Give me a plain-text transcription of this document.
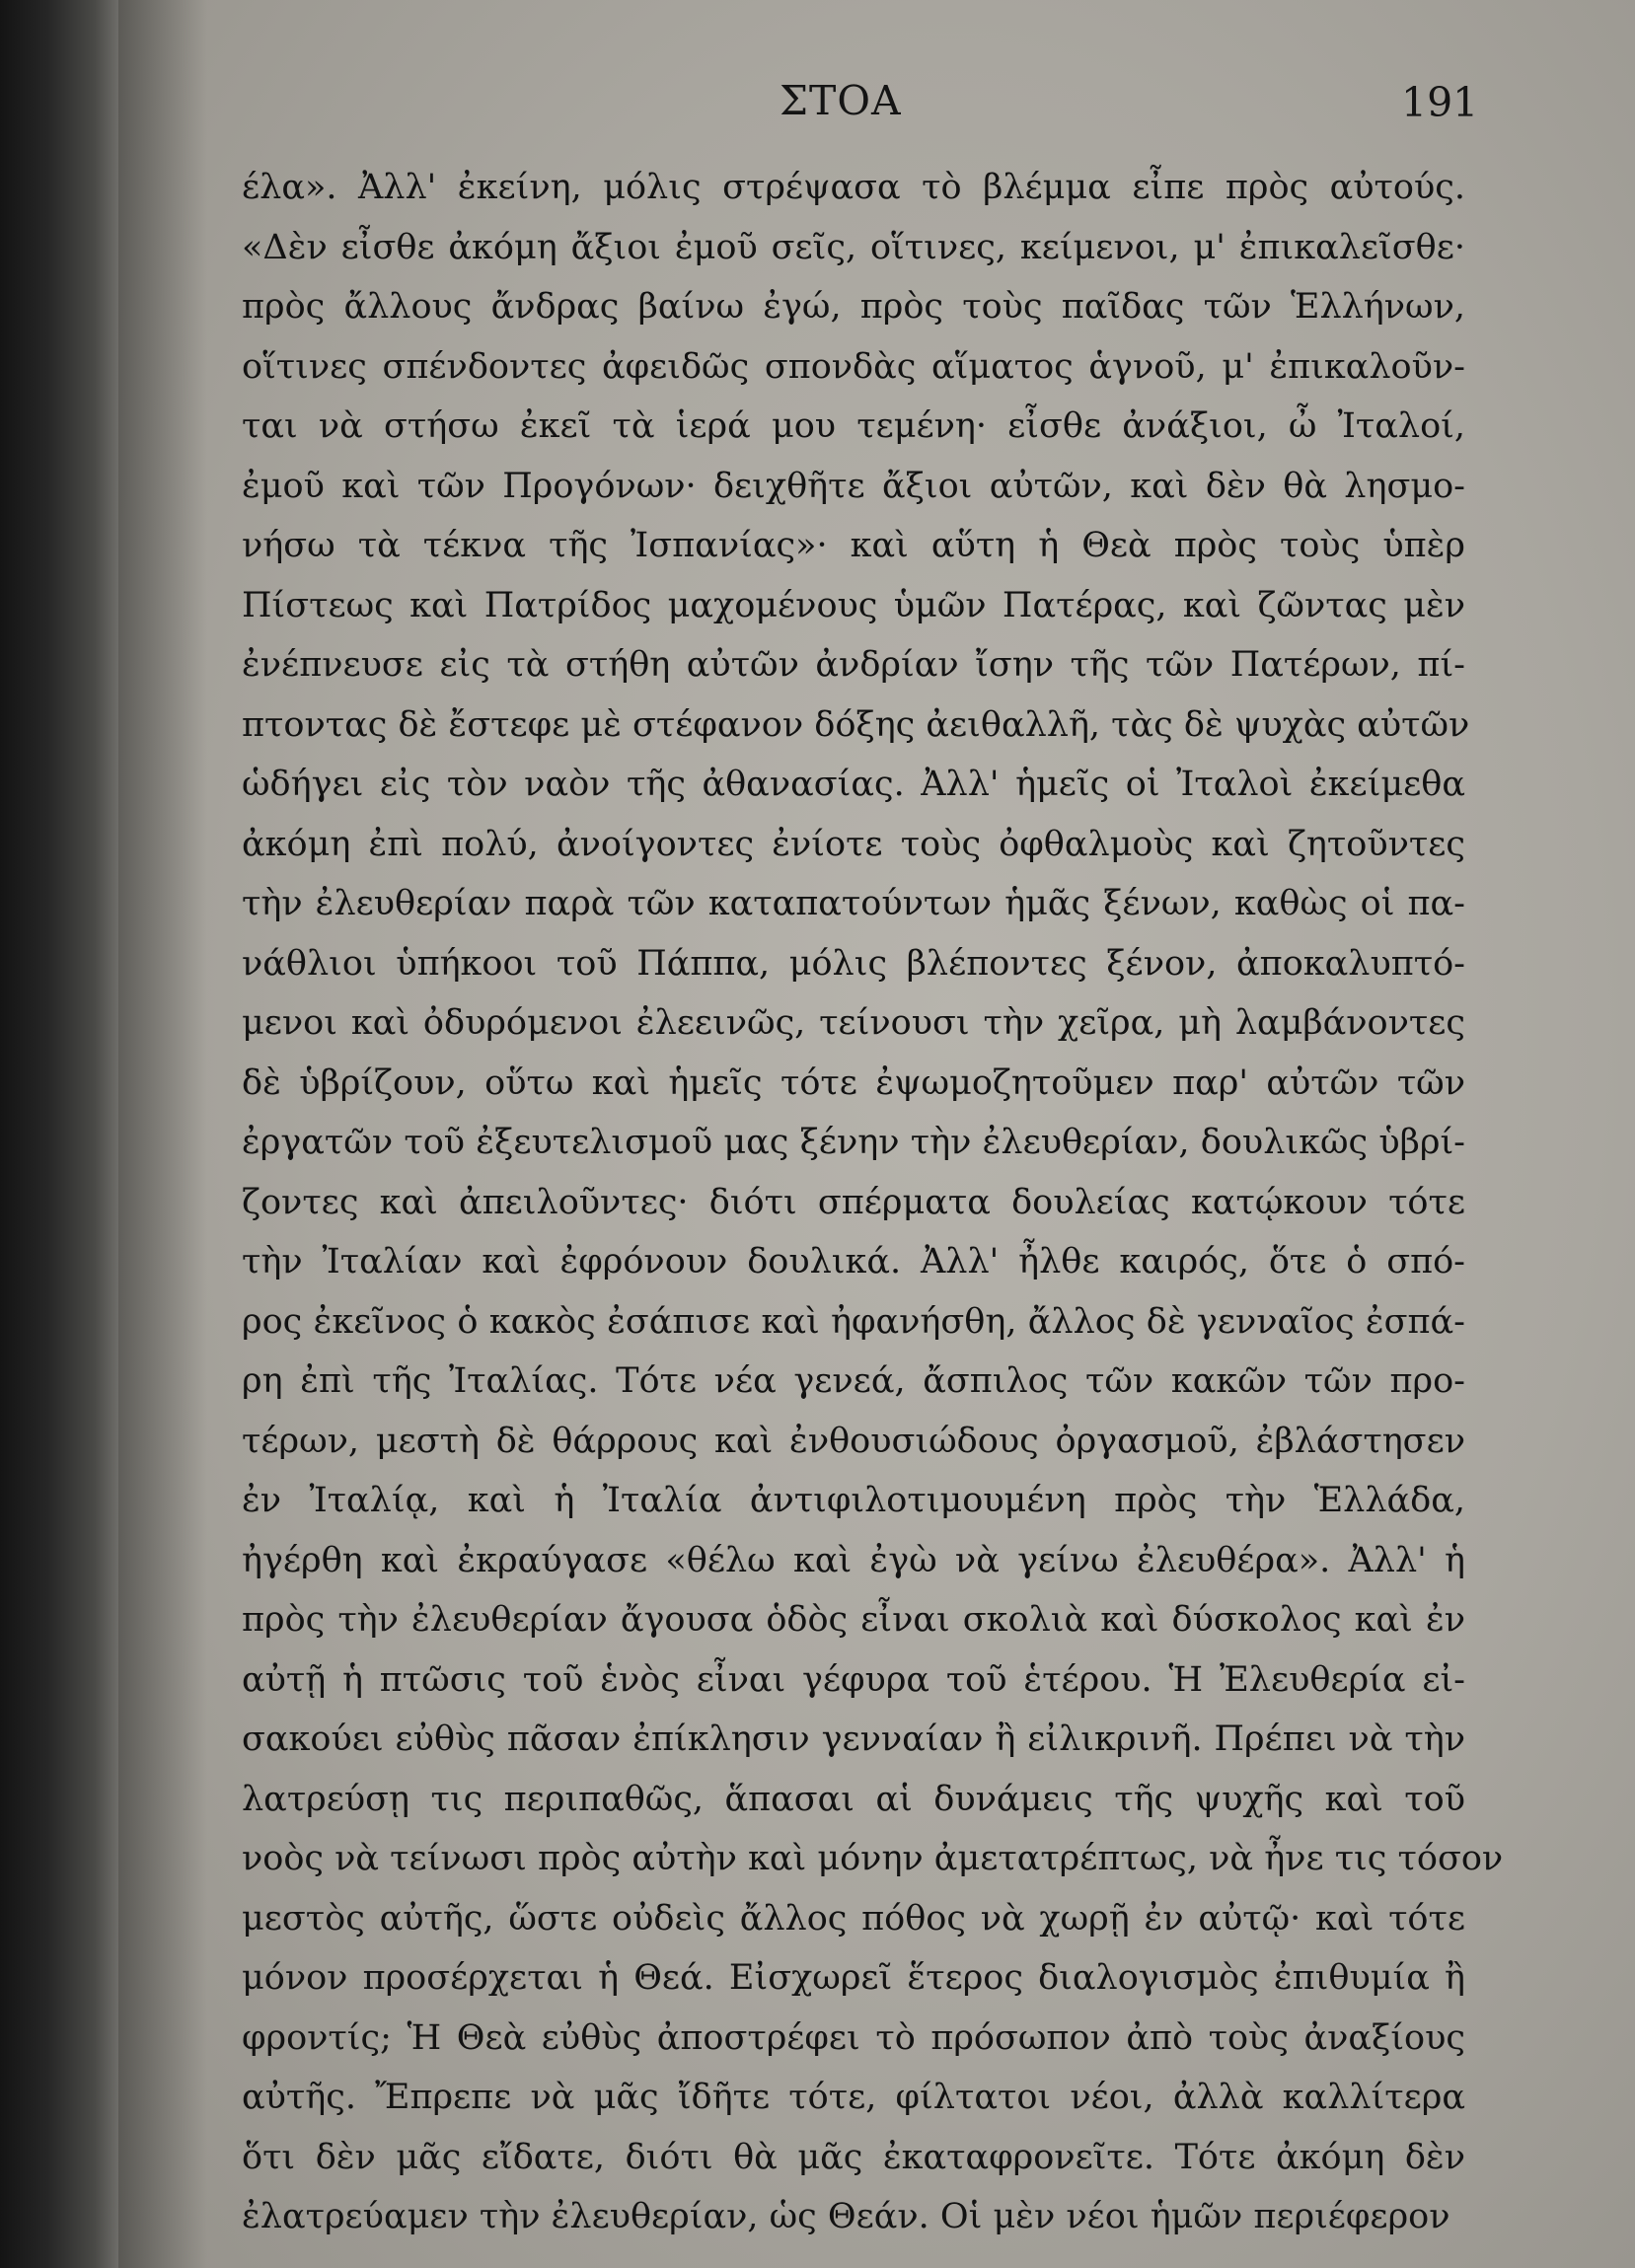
ΣΤΟΑ	191
έλα». Ἀλλ' ἐκείνη, μόλις στρέψασα τὸ βλέμμα εἶπε πρὸς αὐτούς.
«Δὲν εἶσθε ἀκόμη ἄξιοι ἐμοῦ σεῖς, οἵτινες, κείμενοι, μ' ἐπικαλεῖσθε·
πρὸς ἄλλους ἄνδρας βαίνω ἐγώ, πρὸς τοὺς παῖδας τῶν Ἑλλήνων,
οἵτινες σπένδοντες ἀφειδῶς σπονδὰς αἵματος ἁγνοῦ, μ' ἐπικαλοῦν-
ται νὰ στήσω ἐκεῖ τὰ ἱερά μου τεμένη· εἶσθε ἀνάξιοι, ὦ Ἰταλοί,
ἐμοῦ καὶ τῶν Προγόνων· δειχθῆτε ἄξιοι αὐτῶν, καὶ δὲν θὰ λησμο-
νήσω τὰ τέκνα τῆς Ἰσπανίας»· καὶ αὕτη ἡ Θεὰ πρὸς τοὺς ὑπὲρ
Πίστεως καὶ Πατρίδος μαχομένους ὑμῶν Πατέρας, καὶ ζῶντας μὲν
ἐνέπνευσε εἰς τὰ στήθη αὐτῶν ἀνδρίαν ἴσην τῆς τῶν Πατέρων, πί-
πτοντας δὲ ἔστεφε μὲ στέφανον δόξης ἀειθαλλῆ, τὰς δὲ ψυχὰς αὐτῶν
ὡδήγει εἰς τὸν ναὸν τῆς ἀθανασίας. Ἀλλ' ἡμεῖς οἱ Ἰταλοὶ ἐκείμεθα
ἀκόμη ἐπὶ πολύ, ἀνοίγοντες ἐνίοτε τοὺς ὀφθαλμοὺς καὶ ζητοῦντες
τὴν ἐλευθερίαν παρὰ τῶν καταπατούντων ἡμᾶς ξένων, καθὼς οἱ πα-
νάθλιοι ὑπήκοοι τοῦ Πάππα, μόλις βλέποντες ξένον, ἀποκαλυπτό-
μενοι καὶ ὀδυρόμενοι ἐλεεινῶς, τείνουσι τὴν χεῖρα, μὴ λαμβάνοντες
δὲ ὑβρίζουν, οὕτω καὶ ἡμεῖς τότε ἐψωμοζητοῦμεν παρ' αὐτῶν τῶν
ἐργατῶν τοῦ ἐξευτελισμοῦ μας ξένην τὴν ἐλευθερίαν, δουλικῶς ὑβρί-
ζοντες καὶ ἀπειλοῦντες· διότι σπέρματα δουλείας κατῴκουν τότε
τὴν Ἰταλίαν καὶ ἐφρόνουν δουλικά. Ἀλλ' ἦλθε καιρός, ὅτε ὁ σπό-
ρος ἐκεῖνος ὁ κακὸς ἐσάπισε καὶ ἠφανήσθη, ἄλλος δὲ γενναῖος ἐσπά-
ρη ἐπὶ τῆς Ἰταλίας. Τότε νέα γενεά, ἄσπιλος τῶν κακῶν τῶν προ-
τέρων, μεστὴ δὲ θάρρους καὶ ἐνθουσιώδους ὀργασμοῦ, ἐβλάστησεν
ἐν Ἰταλίᾳ, καὶ ἡ Ἰταλία ἀντιφιλοτιμουμένη πρὸς τὴν Ἑλλάδα,
ἠγέρθη καὶ ἐκραύγασε «θέλω καὶ ἐγὼ νὰ γείνω ἐλευθέρα». Ἀλλ' ἡ
πρὸς τὴν ἐλευθερίαν ἄγουσα ὁδὸς εἶναι σκολιὰ καὶ δύσκολος καὶ ἐν
αὐτῇ ἡ πτῶσις τοῦ ἑνὸς εἶναι γέφυρα τοῦ ἑτέρου. Ἡ Ἐλευθερία εἰ-
σακούει εὐθὺς πᾶσαν ἐπίκλησιν γενναίαν ἢ εἰλικρινῆ. Πρέπει νὰ τὴν
λατρεύσῃ τις περιπαθῶς, ἅπασαι αἱ δυνάμεις τῆς ψυχῆς καὶ τοῦ
νοὸς νὰ τείνωσι πρὸς αὐτὴν καὶ μόνην ἀμετατρέπτως, νὰ ἦνε τις τόσον
μεστὸς αὐτῆς, ὥστε οὐδεὶς ἄλλος πόθος νὰ χωρῇ ἐν αὐτῷ· καὶ τότε
μόνον προσέρχεται ἡ Θεά. Εἰσχωρεῖ ἕτερος διαλογισμὸς ἐπιθυμία ἢ
φροντίς; Ἡ Θεὰ εὐθὺς ἀποστρέφει τὸ πρόσωπον ἀπὸ τοὺς ἀναξίους
αὐτῆς. Ἔπρεπε νὰ μᾶς ἴδῆτε τότε, φίλτατοι νέοι, ἀλλὰ καλλίτερα
ὅτι δὲν μᾶς εἴδατε, διότι θὰ μᾶς ἐκαταφρονεῖτε. Τότε ἀκόμη δὲν
ἐλατρεύαμεν τὴν ἐλευθερίαν, ὡς Θεάν. Οἱ μὲν νέοι ἡμῶν περιέφερον
